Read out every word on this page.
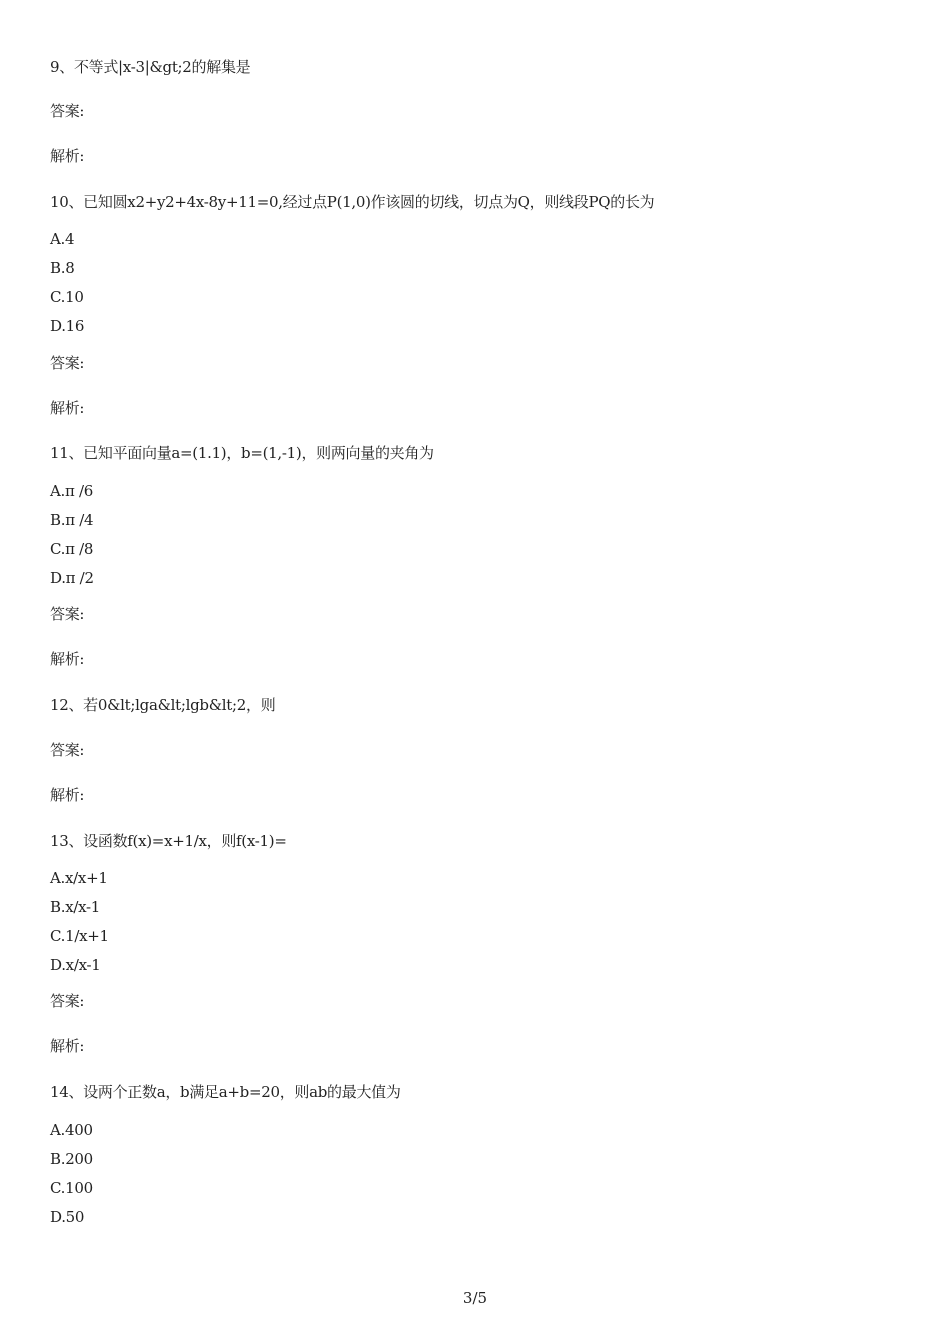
9、不等式|x-3|&gt;2的解集是
答案:
解析:
10、已知圆x2+y2+4x-8y+11=0,经过点P(1,0)作该圆的切线，切点为Q，则线段PQ的长为
A.4
B.8
C.10
D.16
答案:
解析:
11、已知平面向量a=(1.1)，b=(1,-1)，则两向量的夹角为
A.π /6
B.π /4
C.π /8
D.π /2
答案:
解析:
12、若0&lt;lga&lt;lgb&lt;2，则
答案:
解析:
13、设函数f(x)=x+1/x，则f(x-1)=
A.x/x+1
B.x/x-1
C.1/x+1
D.x/x-1
答案:
解析:
14、设两个正数a，b满足a+b=20，则ab的最大值为
A.400
B.200
C.100
D.50
3/5
